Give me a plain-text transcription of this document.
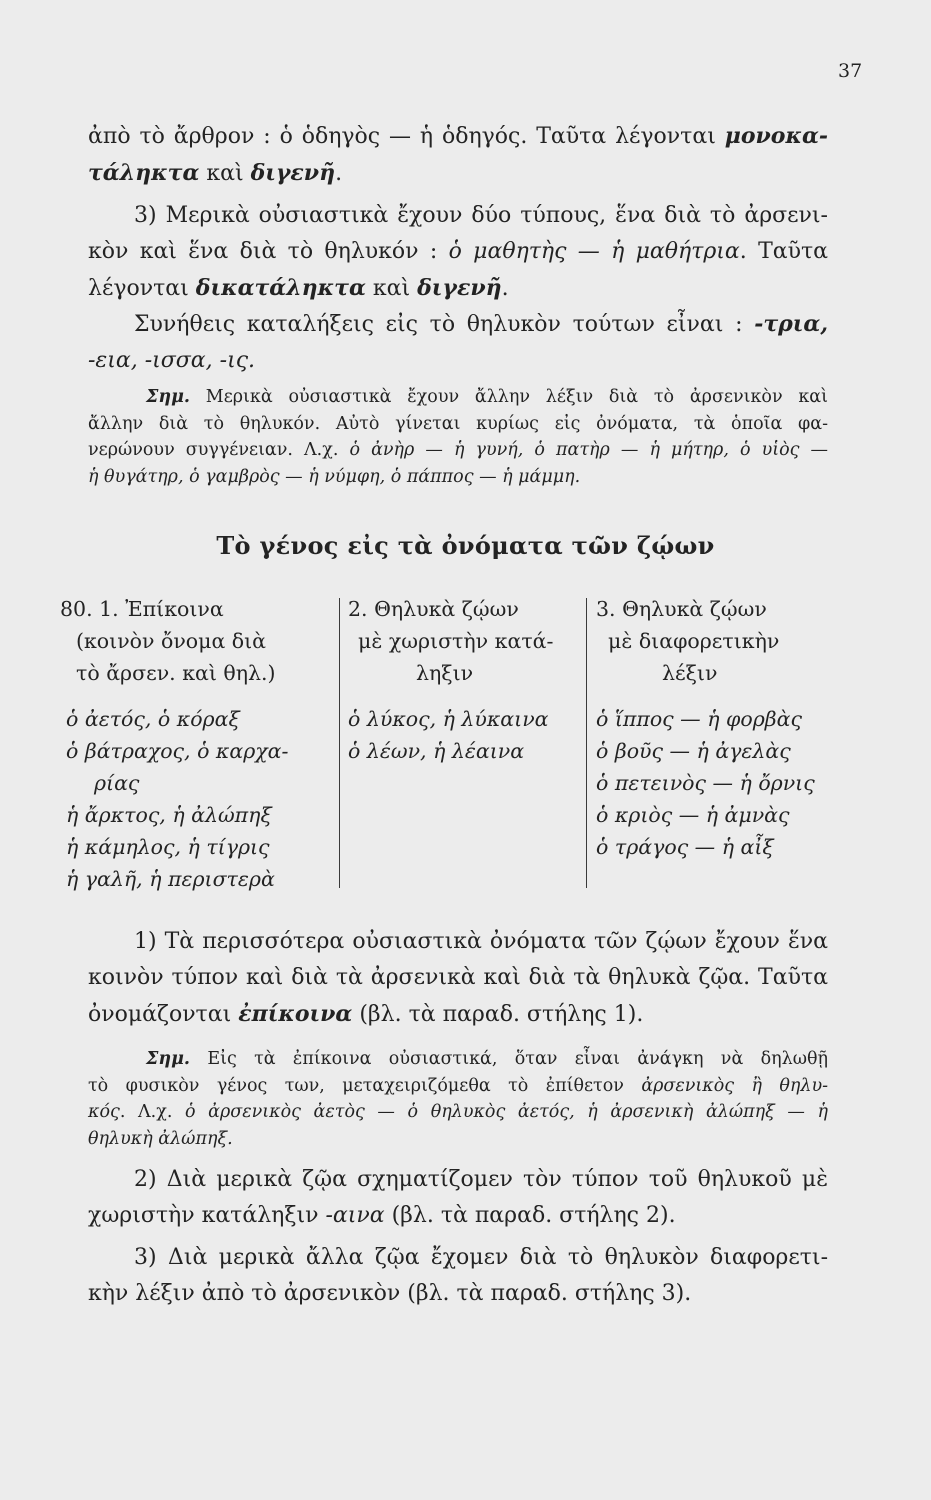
37
ἀπὸ τὸ ἄρθρον : ὁ ὁδηγὸς — ἡ ὁδηγός. Ταῦτα λέγονται μονοκα-
τάληκτα καὶ διγενῆ.
3) Μερικὰ οὐσιαστικὰ ἔχουν δύο τύπους, ἕνα διὰ τὸ ἀρσενι-
κὸν καὶ ἕνα διὰ τὸ θηλυκόν : ὁ μαθητὴς — ἡ μαθήτρια. Ταῦτα
λέγονται δικατάληκτα καὶ διγενῆ.
Συνήθεις καταλήξεις εἰς τὸ θηλυκὸν τούτων εἶναι : -τρια,
-εια, -ισσα, -ις.
Σημ. Μερικὰ οὐσιαστικὰ ἔχουν ἄλλην λέξιν διὰ τὸ ἀρσενικὸν καὶ
ἄλλην διὰ τὸ θηλυκόν. Αὐτὸ γίνεται κυρίως εἰς ὀνόματα, τὰ ὁποῖα φα-
νερώνουν συγγένειαν. Λ.χ. ὁ ἀνὴρ — ἡ γυνή, ὁ πατὴρ — ἡ μήτηρ, ὁ υἱὸς —
ἡ θυγάτηρ, ὁ γαμβρὸς — ἡ νύμφη, ὁ πάππος — ἡ μάμμη.
Τὸ γένος εἰς τὰ ὀνόματα τῶν ζῴων
80. 1. Ἐπίκοινα
(κοινὸν ὄνομα διὰ
τὸ ἄρσεν. καὶ θηλ.)
ὁ ἀετός, ὁ κόραξ
ὁ βάτραχος, ὁ καρχα-
ρίας
ἡ ἄρκτος, ἡ ἀλώπηξ
ἡ κάμηλος, ἡ τίγρις
ἡ γαλῆ, ἡ περιστερὰ
2. Θηλυκὰ ζῴων
μὲ χωριστὴν κατά-
ληξιν
ὁ λύκος, ἡ λύκαινα
ὁ λέων, ἡ λέαινα
3. Θηλυκὰ ζῴων
μὲ διαφορετικὴν
λέξιν
ὁ ἵππος — ἡ φορβὰς
ὁ βοῦς — ἡ ἀγελὰς
ὁ πετεινὸς — ἡ ὄρνις
ὁ κριὸς — ἡ ἀμνὰς
ὁ τράγος — ἡ αἶξ
1) Τὰ περισσότερα οὐσιαστικὰ ὀνόματα τῶν ζῴων ἔχουν ἕνα
κοινὸν τύπον καὶ διὰ τὰ ἀρσενικὰ καὶ διὰ τὰ θηλυκὰ ζῷα. Ταῦτα
ὀνομάζονται ἐπίκοινα (βλ. τὰ παραδ. στήλης 1).
Σημ. Εἰς τὰ ἐπίκοινα οὐσιαστικά, ὅταν εἶναι ἀνάγκη νὰ δηλωθῇ
τὸ φυσικὸν γένος των, μεταχειριζόμεθα τὸ ἐπίθετον ἀρσενικὸς ἢ θηλυ-
κός. Λ.χ. ὁ ἀρσενικὸς ἀετὸς — ὁ θηλυκὸς ἀετός, ἡ ἀρσενικὴ ἀλώπηξ — ἡ
θηλυκὴ ἀλώπηξ.
2) Διὰ μερικὰ ζῷα σχηματίζομεν τὸν τύπον τοῦ θηλυκοῦ μὲ
χωριστὴν κατάληξιν -αινα (βλ. τὰ παραδ. στήλης 2).
3) Διὰ μερικὰ ἄλλα ζῷα ἔχομεν διὰ τὸ θηλυκὸν διαφορετι-
κὴν λέξιν ἀπὸ τὸ ἀρσενικὸν (βλ. τὰ παραδ. στήλης 3).
